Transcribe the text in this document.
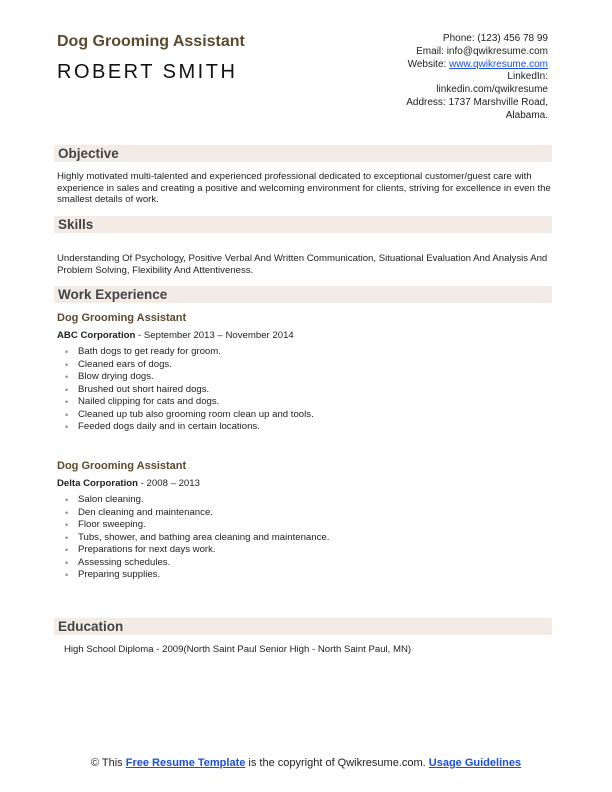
Dog Grooming Assistant
ROBERT SMITH
Phone: (123) 456 78 99
Email: info@qwikresume.com
Website: www.qwikresume.com
LinkedIn:
linkedin.com/qwikresume
Address: 1737 Marshville Road,
Alabama.
Objective
Highly motivated multi-talented and experienced professional dedicated to exceptional customer/guest care with experience in sales and creating a positive and welcoming environment for clients, striving for excellence in even the smallest details of work.
Skills
Understanding Of Psychology, Positive Verbal And Written Communication, Situational Evaluation And Analysis And Problem Solving, Flexibility And Attentiveness.
Work Experience
Dog Grooming Assistant
ABC Corporation - September 2013 – November 2014
• Bath dogs to get ready for groom.
• Cleaned ears of dogs.
• Blow drying dogs.
• Brushed out short haired dogs.
• Nailed clipping for cats and dogs.
• Cleaned up tub also grooming room clean up and tools.
• Feeded dogs daily and in certain locations.
Dog Grooming Assistant
Delta Corporation - 2008 – 2013
• Salon cleaning.
• Den cleaning and maintenance.
• Floor sweeping.
• Tubs, shower, and bathing area cleaning and maintenance.
• Preparations for next days work.
• Assessing schedules.
• Preparing supplies.
Education
High School Diploma - 2009(North Saint Paul Senior High - North Saint Paul, MN)
© This Free Resume Template is the copyright of Qwikresume.com. Usage Guidelines
